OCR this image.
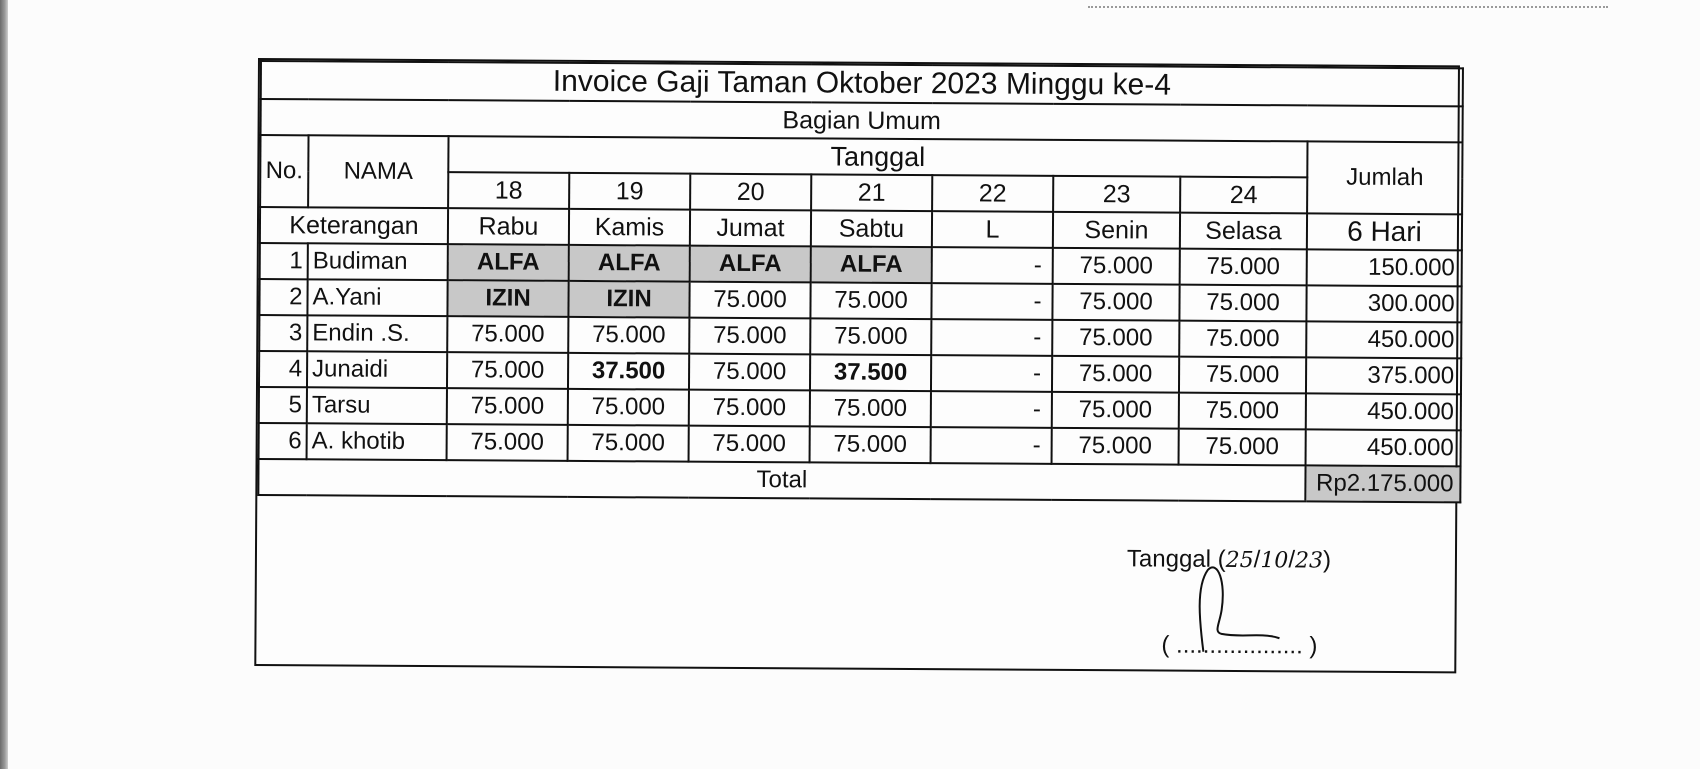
Invoice Gaji Taman Oktober 2023 Minggu ke-4									
Bagian Umum									
No.	NAMA	Tanggal							Jumlah
		18	19	20	21	22	23	24	
Keterangan		Rabu	Kamis	Jumat	Sabtu	L	Senin	Selasa	6 Hari
1	Budiman	ALFA	ALFA	ALFA	ALFA	-	75.000	75.000	150.000
2	A.Yani	IZIN	IZIN	75.000	75.000	-	75.000	75.000	300.000
3	Endin .S.	75.000	75.000	75.000	75.000	-	75.000	75.000	450.000
4	Junaidi	75.000	37.500	75.000	37.500	-	75.000	75.000	375.000
5	Tarsu	75.000	75.000	75.000	75.000	-	75.000	75.000	450.000
6	A. khotib	75.000	75.000	75.000	75.000	-	75.000	75.000	450.000
Total									Rp2.175.000
Tanggal (25/10/23)
( ................... )
